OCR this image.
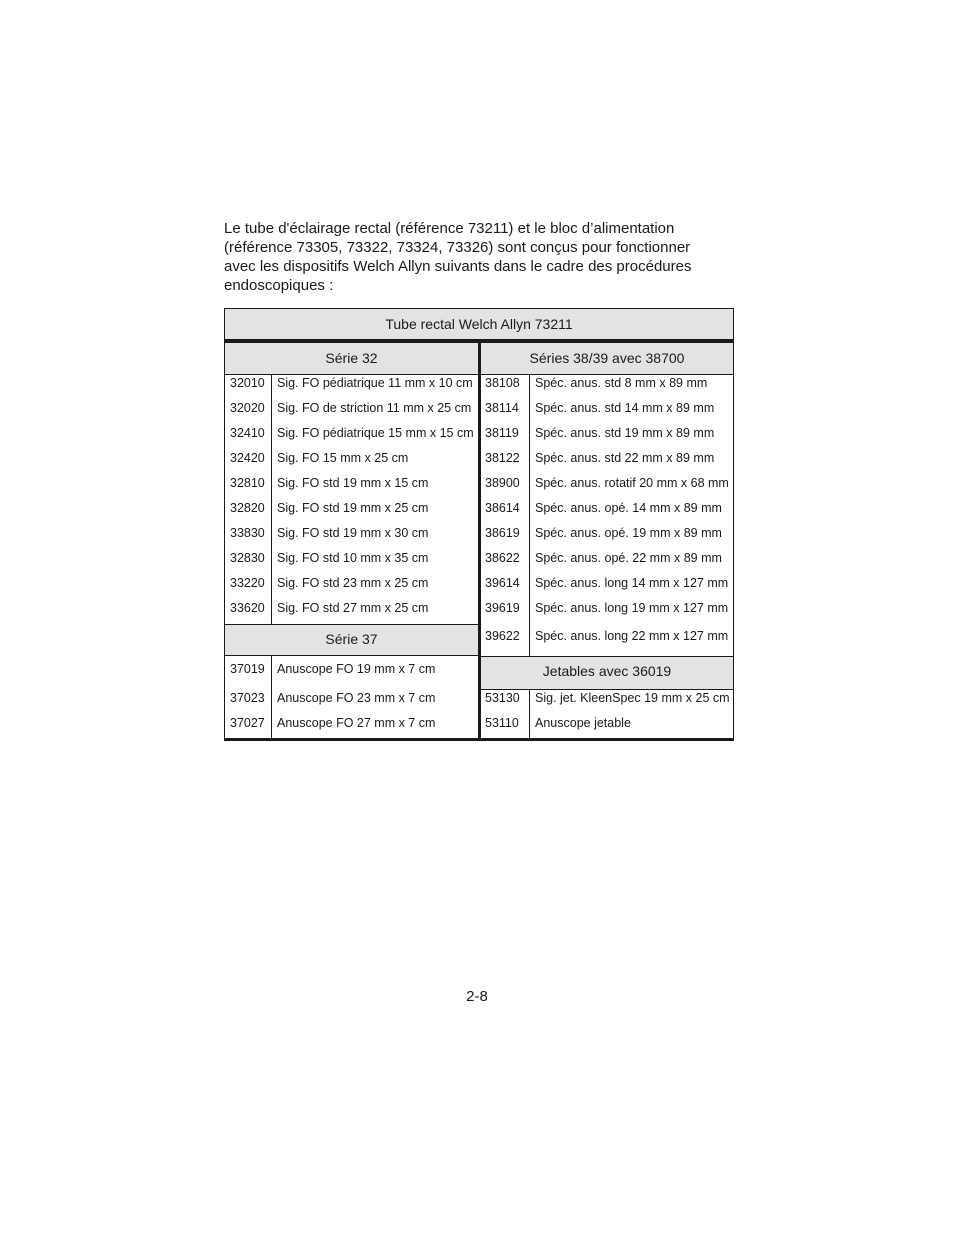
Le tube d'éclairage rectal (référence 73211) et le bloc d’alimentation (référence 73305, 73322, 73324, 73326) sont conçus pour fonctionner avec les dispositifs Welch Allyn suivants dans le cadre des procédures endoscopiques :

Tube rectal Welch Allyn 73211
Série 32	Séries 38/39 avec 38700
Série 37
Jetables avec 36019
32010 Sig. FO pédiatrique 11 mm x 10 cm
32020 Sig. FO de striction 11 mm x 25 cm
32410 Sig. FO pédiatrique 15 mm x 15 cm
32420 Sig. FO 15 mm x 25 cm
32810 Sig. FO std 19 mm x 15 cm
32820 Sig. FO std 19 mm x 25 cm
33830 Sig. FO std 19 mm x 30 cm
32830 Sig. FO std 10 mm x 35 cm
33220 Sig. FO std 23 mm x 25 cm
33620 Sig. FO std 27 mm x 25 cm
37019 Anuscope FO 19 mm x 7 cm
37023 Anuscope FO 23 mm x 7 cm
37027 Anuscope FO 27 mm x 7 cm
38108 Spéc. anus. std 8 mm x 89 mm
38114 Spéc. anus. std 14 mm x 89 mm
38119 Spéc. anus. std 19 mm x 89 mm
38122 Spéc. anus. std 22 mm x 89 mm
38900 Spéc. anus. rotatif 20 mm x 68 mm
38614 Spéc. anus. opé. 14 mm x 89 mm
38619 Spéc. anus. opé. 19 mm x 89 mm
38622 Spéc. anus. opé. 22 mm x 89 mm
39614 Spéc. anus. long 14 mm x 127 mm
39619 Spéc. anus. long 19 mm x 127 mm
39622 Spéc. anus. long 22 mm x 127 mm
53130 Sig. jet. KleenSpec 19 mm x 25 cm
53110 Anuscope jetable
2-8
